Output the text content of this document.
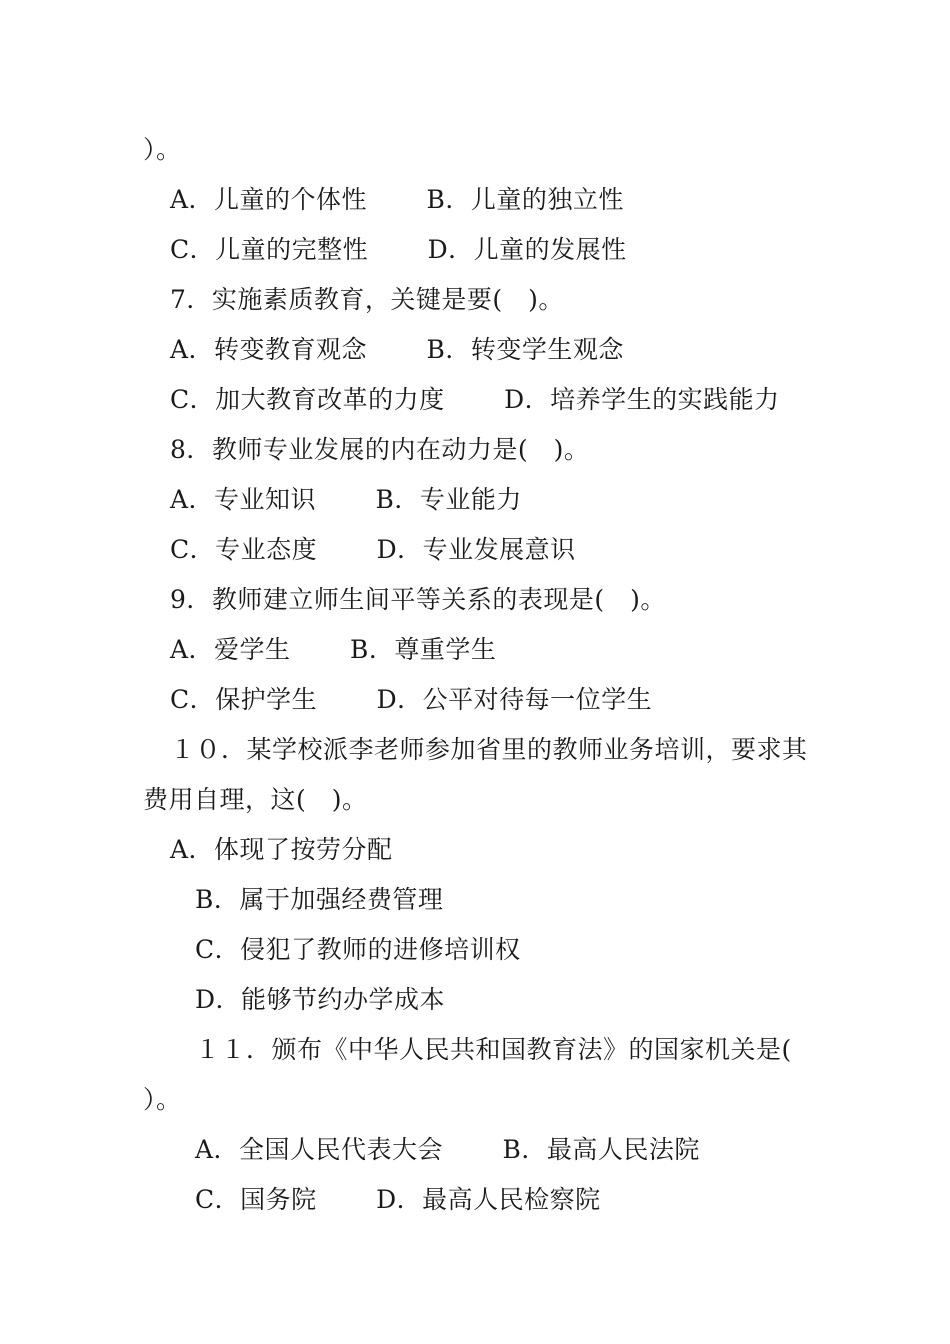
）。
A．儿童的个体性　　 B．儿童的独立性
C．儿童的完整性　　 D．儿童的发展性
7．实施素质教育，关键是要(　)。
A．转变教育观念　　 B．转变学生观念
C．加大教育改革的力度　　 D．培养学生的实践能力
8．教师专业发展的内在动力是(　)。
A．专业知识　　 B．专业能力
C．专业态度　　 D．专业发展意识
9．教师建立师生间平等关系的表现是(　)。
A．爱学生　　 B．尊重学生
C．保护学生　　 D．公平对待每一位学生
１０．某学校派李老师参加省里的教师业务培训，要求其
费用自理，这(　)。
A．体现了按劳分配
B．属于加强经费管理
C．侵犯了教师的进修培训权
D．能够节约办学成本
１１．颁布《中华人民共和国教育法》的国家机关是(
）。
A．全国人民代表大会　　 B．最高人民法院
C．国务院　　 D．最高人民检察院
